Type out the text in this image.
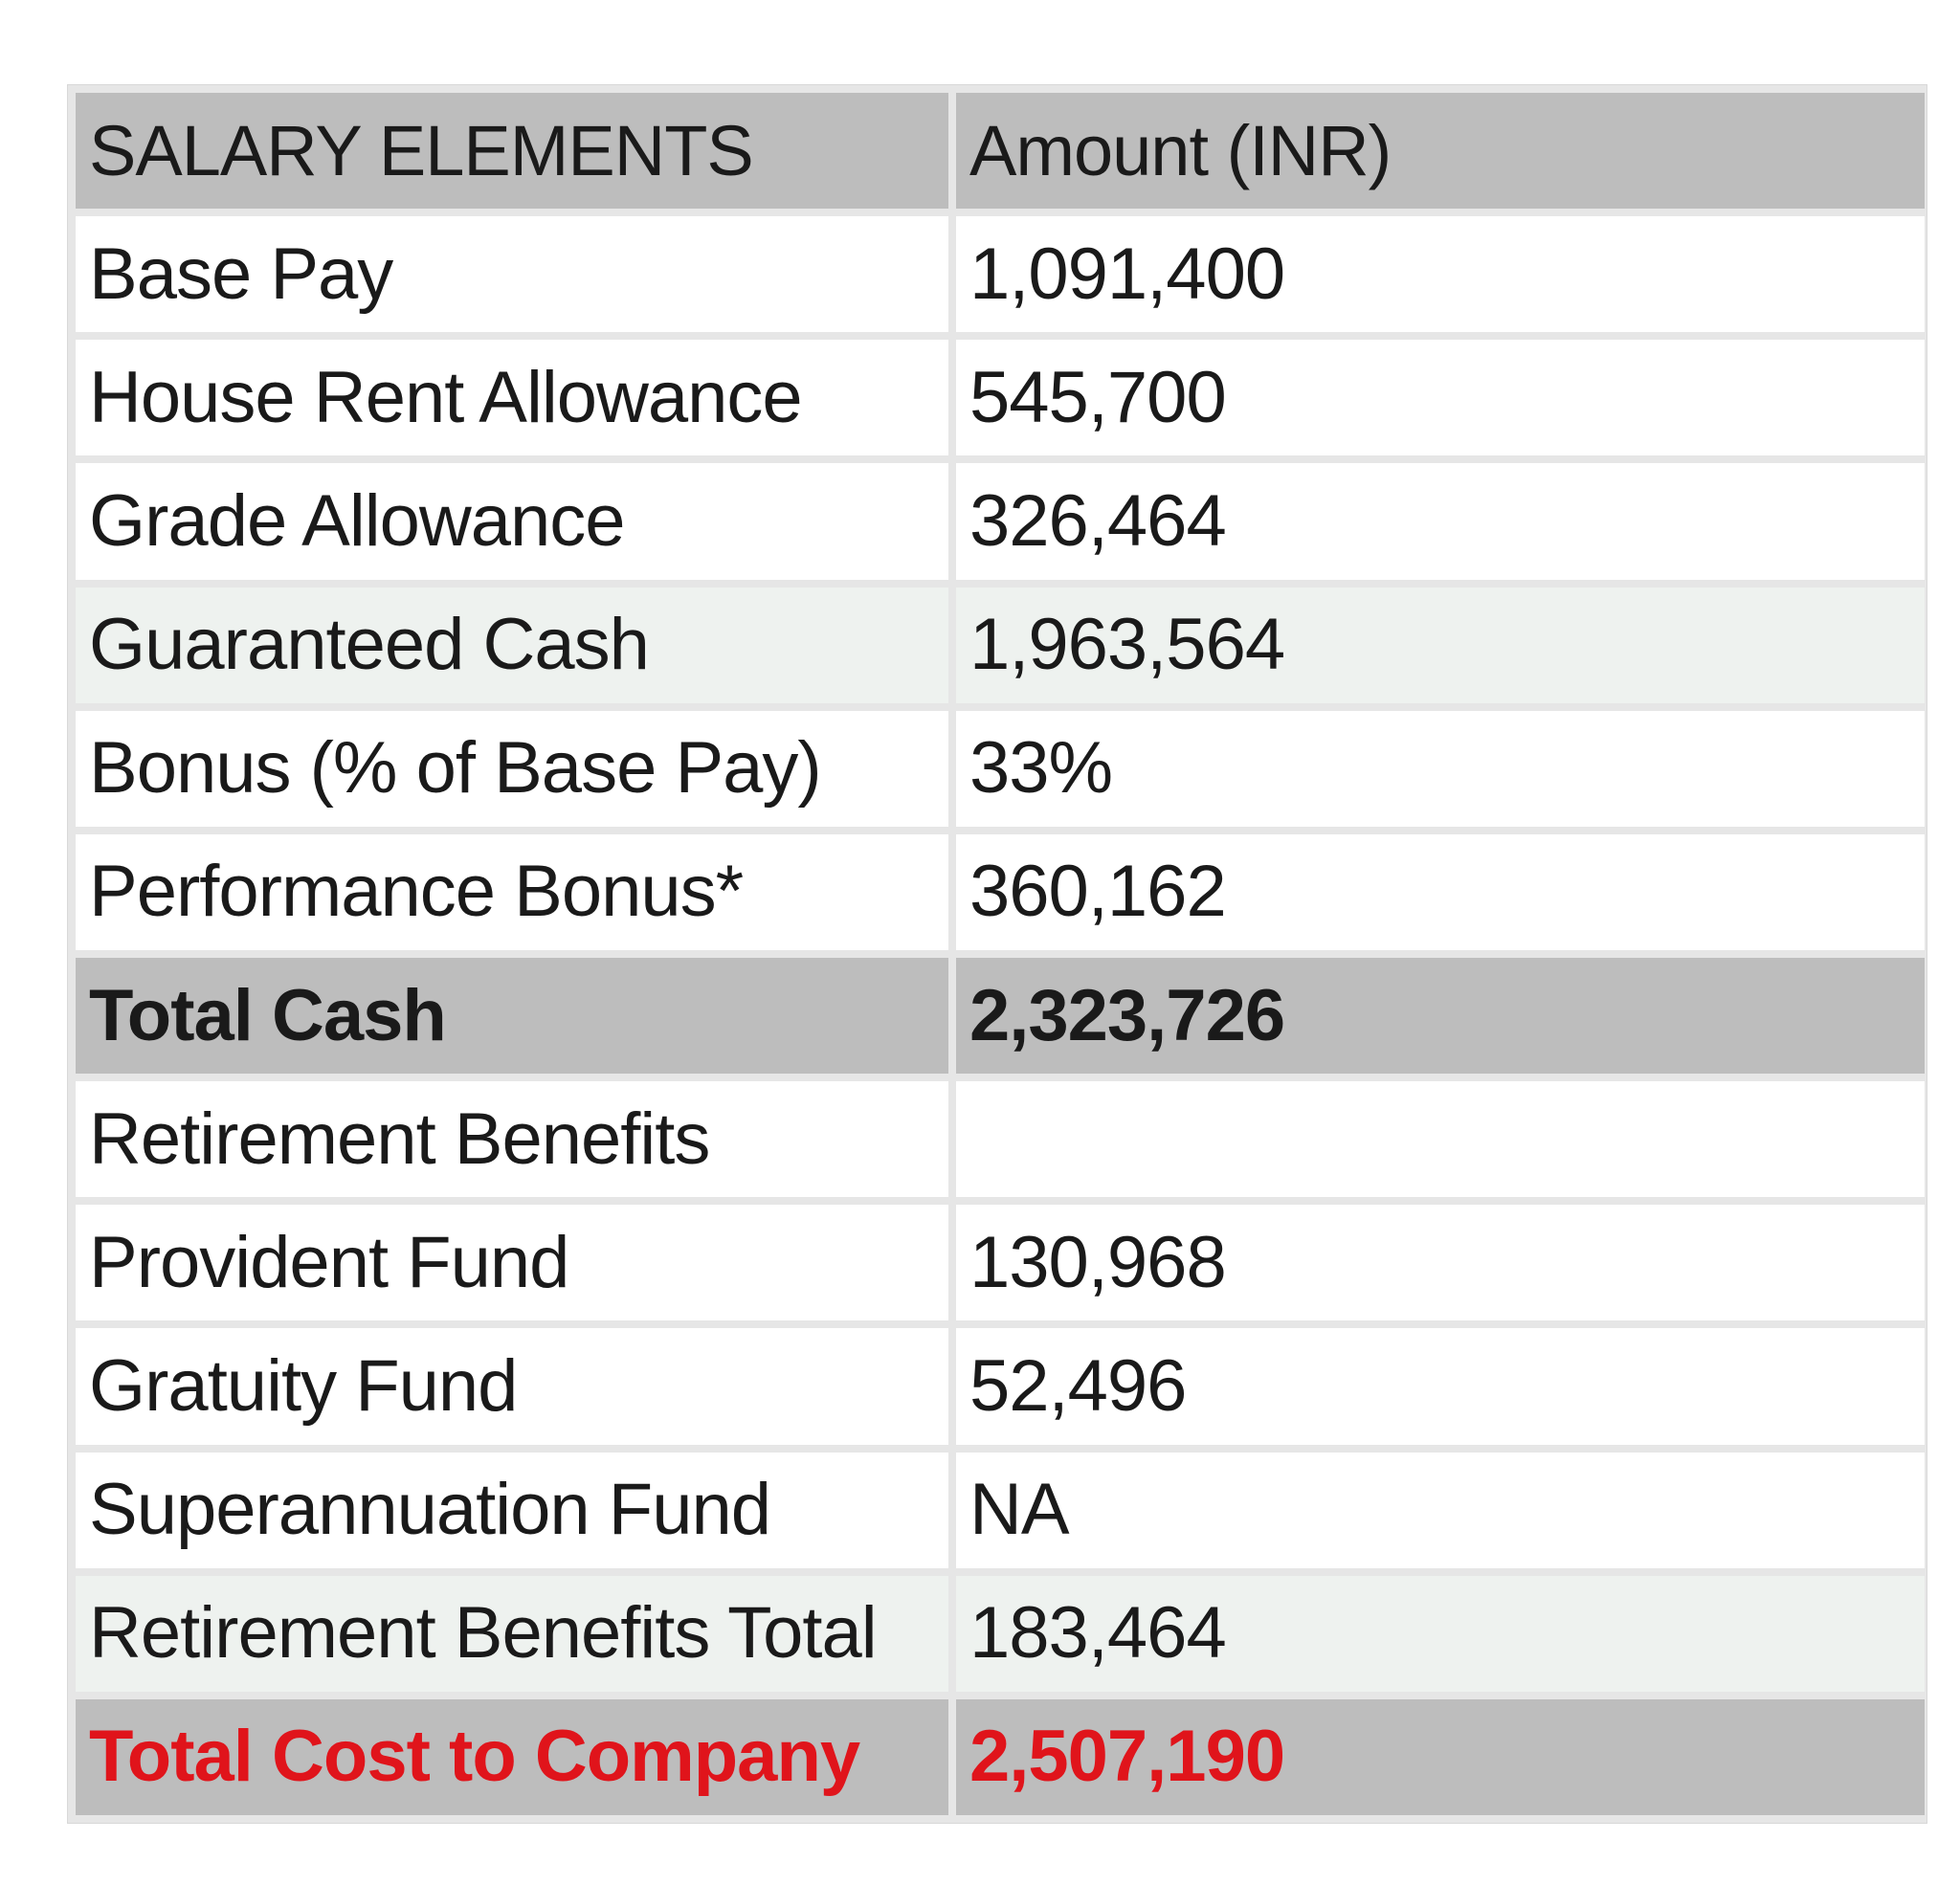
SALARY ELEMENTS	Amount (INR)
Base Pay	1,091,400
House Rent Allowance	545,700
Grade Allowance	326,464
Guaranteed Cash	1,963,564
Bonus (% of Base Pay)	33%
Performance Bonus*	360,162
Total Cash	2,323,726
Retirement Benefits
Provident Fund	130,968
Gratuity Fund	52,496
Superannuation Fund	NA
Retirement Benefits Total	183,464
Total Cost to Company	2,507,190
